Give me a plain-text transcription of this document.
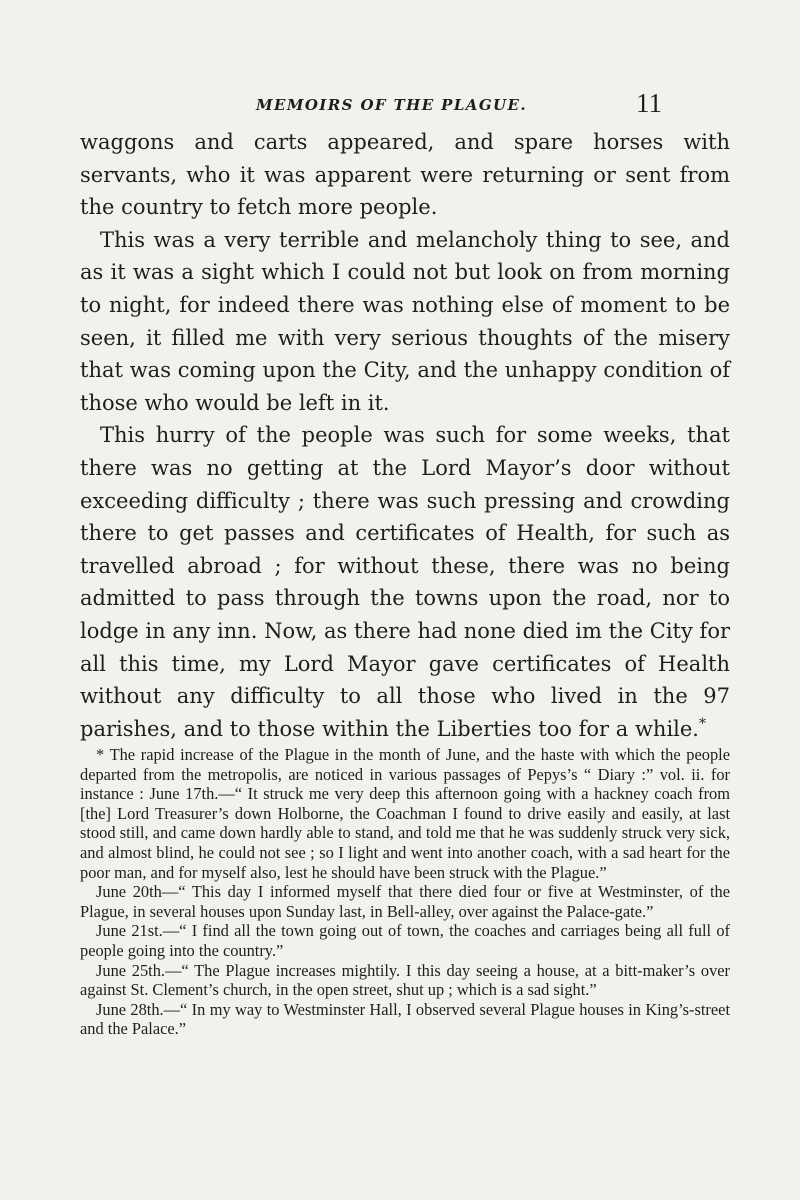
MEMOIRS OF THE PLAGUE.	11

waggons and carts appeared, and spare horses with servants, who it was apparent were returning or sent from the country to fetch more people.

This was a very terrible and melancholy thing to see, and as it was a sight which I could not but look on from morning to night, for indeed there was nothing else of moment to be seen, it filled me with very serious thoughts of the misery that was coming upon the City, and the unhappy condition of those who would be left in it.

This hurry of the people was such for some weeks, that there was no getting at the Lord Mayor’s door without exceeding difficulty ; there was such pressing and crowding there to get passes and certificates of Health, for such as travelled abroad ; for without these, there was no being admitted to pass through the towns upon the road, nor to lodge in any inn. Now, as there had none died im the City for all this time, my Lord Mayor gave certificates of Health without any difficulty to all those who lived in the 97 parishes, and to those within the Liberties too for a while.*

* The rapid increase of the Plague in the month of June, and the haste with which the people departed from the metropolis, are noticed in various passages of Pepys’s “ Diary :” vol. ii. for instance : June 17th.—“ It struck me very deep this afternoon going with a hackney coach from [the] Lord Treasurer’s down Holborne, the Coachman I found to drive easily and easily, at last stood still, and came down hardly able to stand, and told me that he was suddenly struck very sick, and almost blind, he could not see ; so I light and went into another coach, with a sad heart for the poor man, and for myself also, lest he should have been struck with the Plague.”

June 20th—“ This day I informed myself that there died four or five at Westminster, of the Plague, in several houses upon Sunday last, in Bell-alley, over against the Palace-gate.”

June 21st.—“ I find all the town going out of town, the coaches and carriages being all full of people going into the country.”

June 25th.—“ The Plague increases mightily. I this day seeing a house, at a bitt-maker’s over against St. Clement’s church, in the open street, shut up ; which is a sad sight.”

June 28th.—“ In my way to Westminster Hall, I observed several Plague houses in King’s-street and the Palace.”
